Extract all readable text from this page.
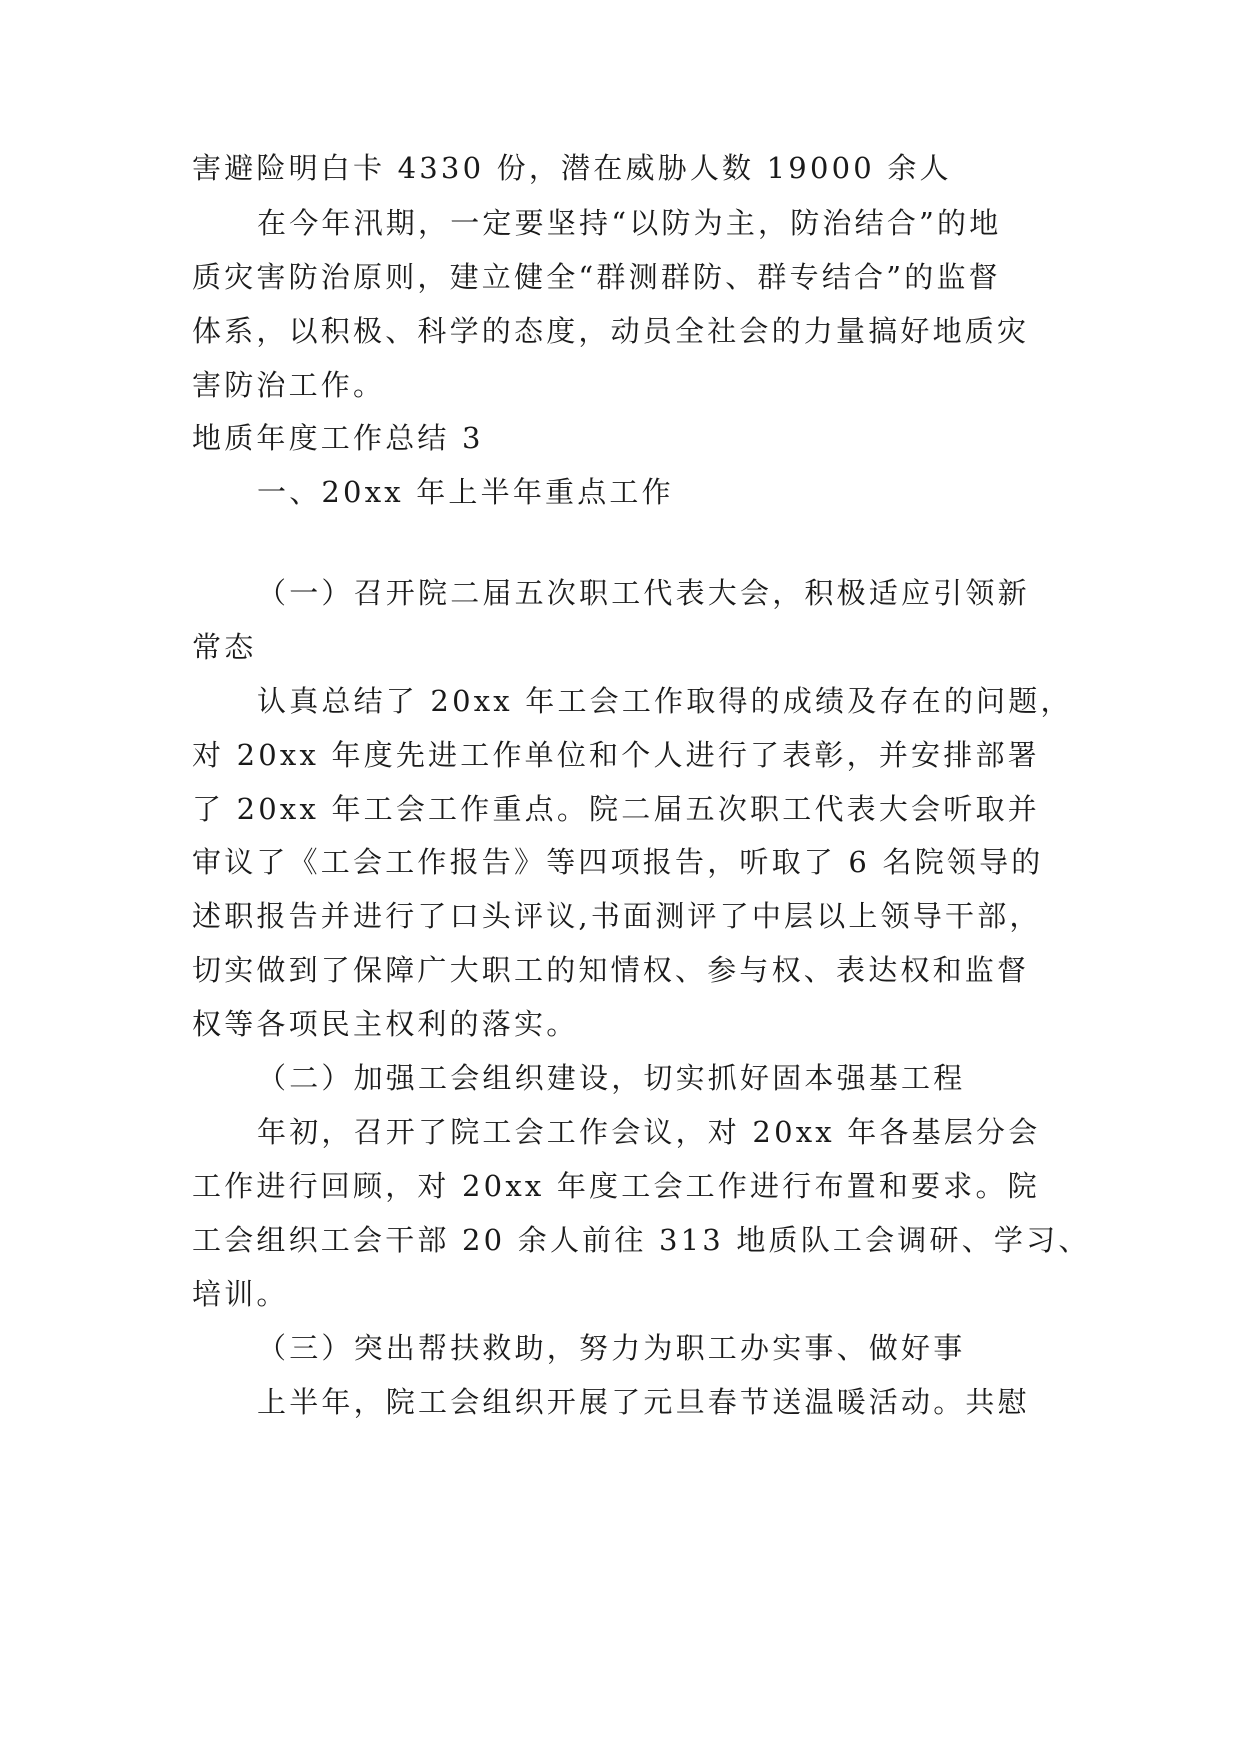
害避险明白卡 4330 份，潜在威胁人数 19000 余人
在今年汛期，一定要坚持“以防为主，防治结合”的地
质灾害防治原则，建立健全“群测群防、群专结合”的监督
体系，以积极、科学的态度，动员全社会的力量搞好地质灾
害防治工作。
地质年度工作总结 3
一、20xx 年上半年重点工作
（一）召开院二届五次职工代表大会，积极适应引领新
常态
认真总结了 20xx 年工会工作取得的成绩及存在的问题，
对 20xx 年度先进工作单位和个人进行了表彰，并安排部署
了 20xx 年工会工作重点。院二届五次职工代表大会听取并
审议了《工会工作报告》等四项报告，听取了 6 名院领导的
述职报告并进行了口头评议,书面测评了中层以上领导干部，
切实做到了保障广大职工的知情权、参与权、表达权和监督
权等各项民主权利的落实。
（二）加强工会组织建设，切实抓好固本强基工程
年初，召开了院工会工作会议，对 20xx 年各基层分会
工作进行回顾，对 20xx 年度工会工作进行布置和要求。院
工会组织工会干部 20 余人前往 313 地质队工会调研、学习、
培训。
（三）突出帮扶救助，努力为职工办实事、做好事
上半年，院工会组织开展了元旦春节送温暖活动。共慰
